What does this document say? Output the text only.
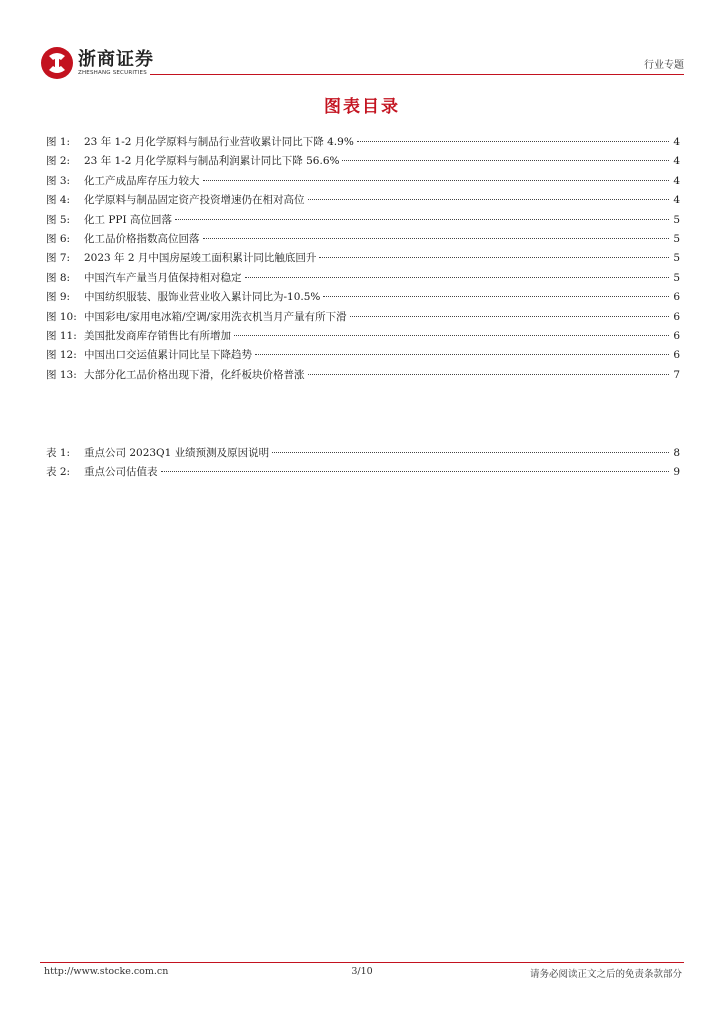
浙商证券
ZHESHANG SECURITIES
行业专题
图表目录
图 1:	23 年 1-2 月化学原料与制品行业营收累计同比下降 4.9%	4
图 2:	23 年 1-2 月化学原料与制品利润累计同比下降 56.6%	4
图 3:	化工产成品库存压力较大	4
图 4:	化学原料与制品固定资产投资增速仍在相对高位	4
图 5:	化工 PPI 高位回落	5
图 6:	化工品价格指数高位回落	5
图 7:	2023 年 2 月中国房屋竣工面积累计同比触底回升	5
图 8:	中国汽车产量当月值保持相对稳定	5
图 9:	中国纺织服装、服饰业营业收入累计同比为-10.5%	6
图 10: 中国彩电/家用电冰箱/空调/家用洗衣机当月产量有所下滑	6
图 11: 美国批发商库存销售比有所增加	6
图 12: 中国出口交运值累计同比呈下降趋势	6
图 13: 大部分化工品价格出现下滑，化纤板块价格普涨	7
表 1:	重点公司 2023Q1 业绩预测及原因说明	8
表 2:	重点公司估值表	9
http://www.stocke.com.cn	3/10	请务必阅读正文之后的免责条款部分
